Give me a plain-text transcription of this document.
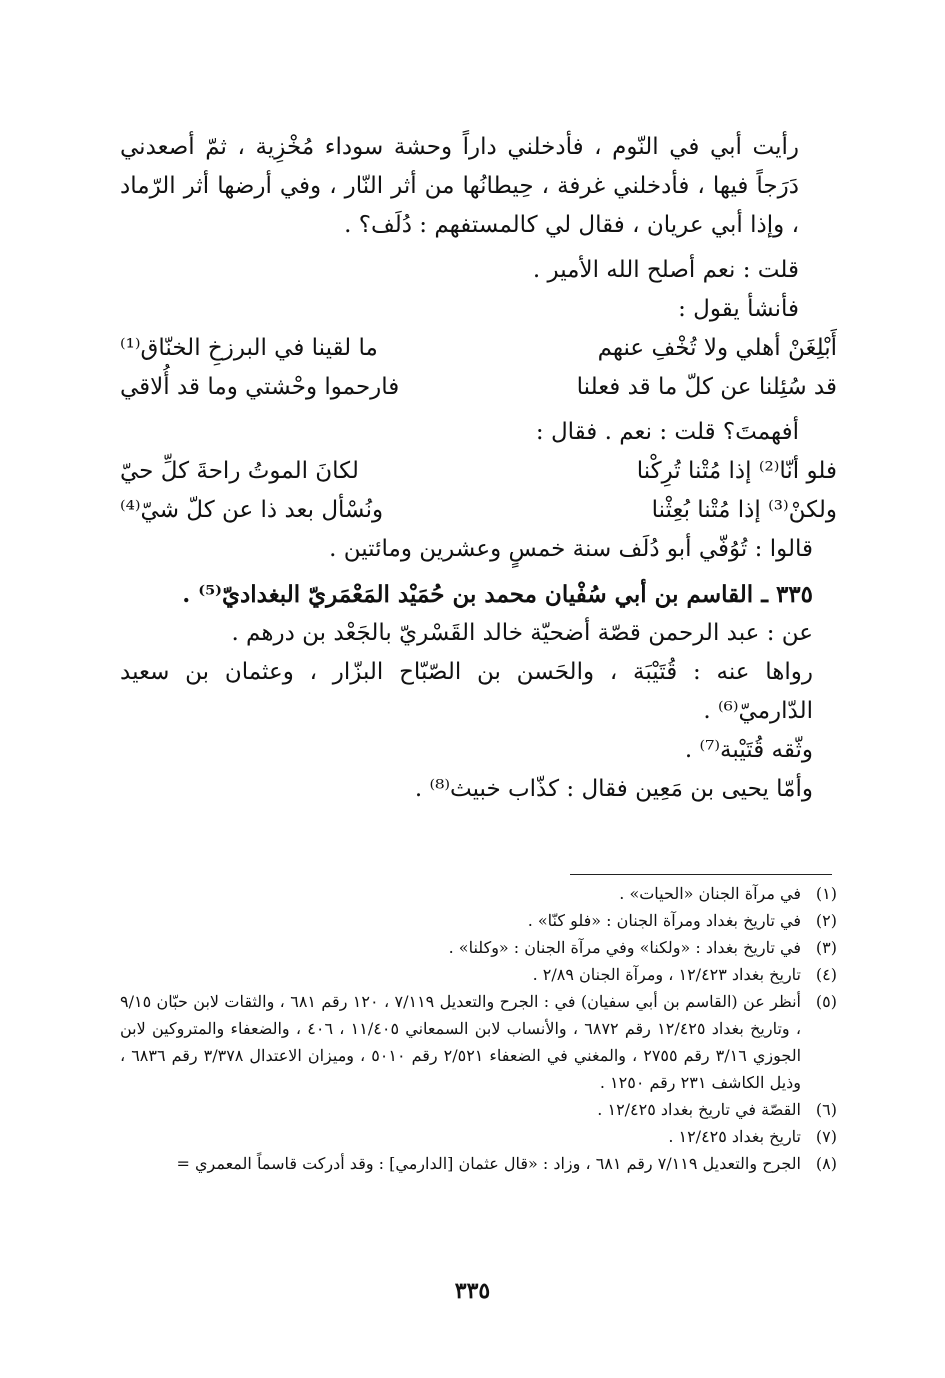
رأيت أبي في النّوم ، فأدخلني داراً وحشة سوداء مُخْزِية ، ثمّ أصعدني دَرَجاً فيها ، فأدخلني غرفة ، حِيطانُها من أثر النّار ، وفي أرضها أثر الرّماد ، وإذا أبي عريان ، فقال لي كالمستفهم : دُلَف؟ .

قلت : نعم أصلح الله الأمير .

فأنشأ يقول :

أَبْلِغَنْ أهلي ولا تُخْفِ عنهم
ما لقينا في البرزخِ الخنّاق⁽¹⁾
قد سُئِلنا عن كلّ ما قد فعلنا
فارحموا وحْشتي وما قد أُلاقي

أفهمتَ؟ قلت : نعم . فقال :

فلو أنّا⁽²⁾ إذا مُتْنا تُرِكْنا
لكانَ الموتُ راحةَ كلِّ حيّ
ولكنْ⁽³⁾ إذا مُتْنا بُعِثْنا
ونُسْأل بعد ذا عن كلّ شيّ⁽⁴⁾

قالوا : تُوُفّي أبو دُلَف سنة خمسٍ وعشرين ومائتين .

٣٣٥ ـ القاسم بن أبي سُفْيان محمد بن حُمَيْد المَعْمَريّ البغداديّ⁽⁵⁾ .

عن : عبد الرحمن قصّة أضحيّة خالد القَسْريّ بالجَعْد بن درهم .

رواها عنه : قُتَيْبَة ، والحَسن بن الصّبّاح البزّار ، وعثمان بن سعيد الدّارميّ⁽⁶⁾ .

وثّقه قُتَيْبة⁽⁷⁾ .

وأمّا يحيى بن مَعِين فقال : كذّاب خبيث⁽⁸⁾ .

(١)
في مرآة الجنان «الحيات» .
(٢)
في تاريخ بغداد ومرآة الجنان : «فلو كنّا» .
(٣)
في تاريخ بغداد : «ولكنا» وفي مرآة الجنان : «وكلنا» .
(٤)
تاريخ بغداد ١٢/٤٢٣ ، ومرآة الجنان ٢/٨٩ .
(٥)
أنظر عن (القاسم بن أبي سفيان) في : الجرح والتعديل ٧/١١٩ ، ١٢٠ رقم ٦٨١ ، والثقات لابن حبّان ٩/١٥ ، وتاريخ بغداد ١٢/٤٢٥ رقم ٦٨٧٢ ، والأنساب لابن السمعاني ١١/٤٠٥ ، ٤٠٦ ، والضعفاء والمتروكين لابن الجوزي ٣/١٦ رقم ٢٧٥٥ ، والمغني في الضعفاء ٢/٥٢١ رقم ٥٠١٠ ، وميزان الاعتدال ٣/٣٧٨ رقم ٦٨٣٦ ، وذيل الكاشف ٢٣١ رقم ١٢٥٠ .
(٦)
القصّة في تاريخ بغداد ١٢/٤٢٥ .
(٧)
تاريخ بغداد ١٢/٤٢٥ .
(٨)
الجرح والتعديل ٧/١١٩ رقم ٦٨١ ، وزاد : «قال عثمان [الدارمي] : وقد أدركت قاسماً المعمري =
٣٣٥
